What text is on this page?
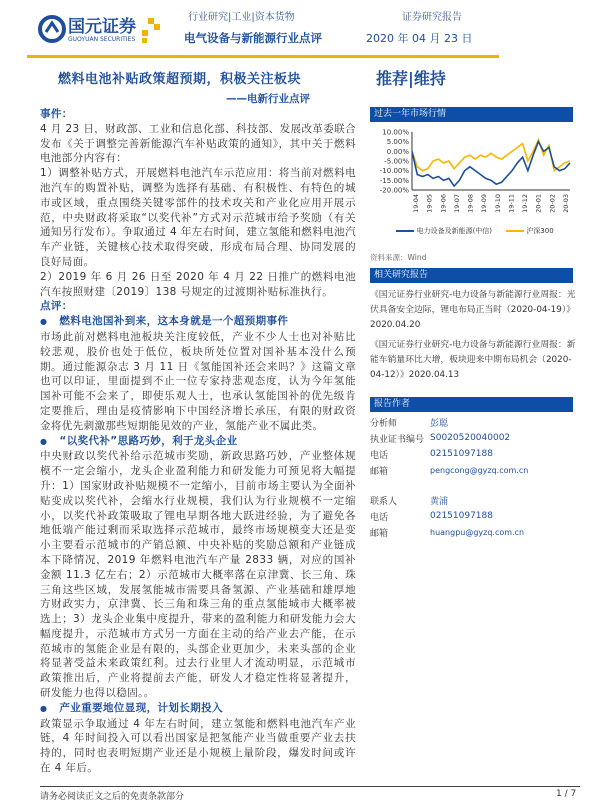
国元证券
GUOYUAN SECURITIES
行业研究|工业|资本货物
电气设备与新能源行业点评
证券研究报告
2020 年 04 月 23 日
燃料电池补贴政策超预期，积极关注板块
——电新行业点评
推荐|维持
事件：

4 月 23 日，财政部、工业和信息化部、科技部、发展改革委联合发布《关于调整完善新能源汽车补贴政策的通知》，其中关于燃料电池部分内容有：

1）调整补贴方式，开展燃料电池汽车示范应用：将当前对燃料电池汽车的购置补贴，调整为选择有基础、有积极性、有特色的城市或区域，重点围绕关键零部件的技术攻关和产业化应用开展示范，中央财政将采取“以奖代补”方式对示范城市给予奖励（有关通知另行发布）。争取通过 4 年左右时间，建立氢能和燃料电池汽车产业链，关键核心技术取得突破，形成布局合理、协同发展的良好局面。

2）2019 年 6 月 26 日至 2020 年 4 月 22 日推广的燃料电池汽车按照财建〔2019〕138 号规定的过渡期补贴标准执行。

点评：

● 燃料电池国补到来，这本身就是一个超预期事件

市场此前对燃料电池板块关注度较低，产业不少人士也对补贴比较悲观，股价也处于低位，板块所处位置对国补基本没什么预期。通过能源杂志 3 月 11 日《氢能国补还会来吗？》这篇文章也可以印证，里面提到不止一位专家持悲观态度，认为今年氢能国补可能不会来了，即使乐观人士，也承认氢能国补的优先级肯定要推后，理由是疫情影响下中国经济增长承压，有限的财政资金将优先刺激那些短期能见效的产业，氢能产业不属此类。

● “以奖代补”思路巧妙，利于龙头企业

中央财政以奖代补给示范城市奖励，新政思路巧妙，产业整体规模不一定会缩小，龙头企业盈利能力和研发能力可预见将大幅提升：1）国家财政补贴规模不一定缩小，目前市场主要认为全面补贴变成以奖代补，会缩水行业规模，我们认为行业规模不一定缩小，以奖代补政策吸取了锂电早期各地大跃进经验，为了避免各地低端产能过剩而采取选择示范城市，最终市场规模变大还是变小主要看示范城市的产销总额、中央补贴的奖励总额和产业链成本下降情况，2019 年燃料电池汽车产量 2833 辆，对应的国补金额 11.3 亿左右；2）示范城市大概率落在京津冀、长三角、珠三角这些区域，发展氢能城市需要具备氢源、产业基础和雄厚地方财政实力，京津冀、长三角和珠三角的重点氢能城市大概率被选上；3）龙头企业集中度提升，带来的盈利能力和研发能力会大幅度提升，示范城市方式另一方面在主动的给产业去产能，在示范城市的氢能企业是有限的，头部企业更加少，未来头部的企业将显著受益未来政策红利。过去行业里人才流动明显，示范城市政策推出后，产业将提前去产能，研发人才稳定性将显著提升，研发能力也得以稳固。。

● 产业重要地位显现，计划长期投入

政策显示争取通过 4 年左右时间，建立氢能和燃料电池汽车产业链，4 年时间投入可以看出国家是把氢能产业当做重要产业去扶持的，同时也表明短期产业还是小规模上量阶段，爆发时间或许在 4 年后。

过去一年市场行情
10.00%
5.00%
0.00%
-5.00%
-10.00%
-15.00%
-20.00%
19-04 19-05 19-06 19-07 19-08 19-09 19-10 19-11 19-12 20-01 20-02 20-03
电力设备及新能源(中信)	沪深300
资料来源：Wind
相关研究报告
《国元证券行业研究-电力设备与新能源行业周报：光伏具备安全边际，锂电布局正当时（2020-04-19）》2020.04.20
《国元证券行业研究-电力设备与新能源行业周报：新能车销量环比大增，板块迎来中期布局机会（2020-04-12）》2020.04.13
报告作者
分析师	彭聪
执业证书编号 S0020520040002
电话	02151097188
邮箱	pengcong@gyzq.com.cn
联系人	黄浦
电话	02151097188
邮箱	huangpu@gyzq.com.cn
请务必阅读正文之后的免责条款部分	1 / 7
